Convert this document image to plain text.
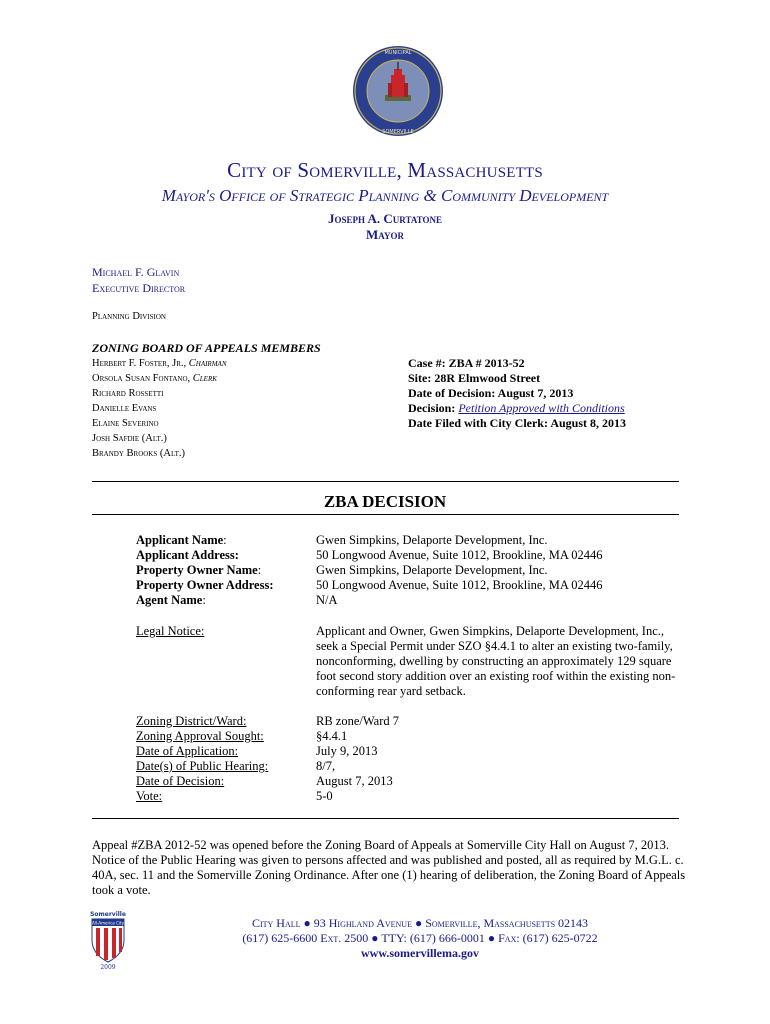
MUNICIPAL
SOMERVILLE
City of Somerville, Massachusetts
Mayor's Office of Strategic Planning & Community Development
Joseph A. Curtatone
Mayor
Michael F. Glavin
Executive Director
Planning Division
ZONING BOARD OF APPEALS MEMBERS
Herbert F. Foster, Jr., Chairman
Orsola Susan Fontano, Clerk
Richard Rossetti
Danielle Evans
Elaine Severino
Josh Safdie (Alt.)
Brandy Brooks (Alt.)
Case #: ZBA # 2013-52
Site: 28R Elmwood Street
Date of Decision: August 7, 2013
Decision: Petition Approved with Conditions
Date Filed with City Clerk: August 8, 2013
ZBA DECISION
Applicant Name:
Applicant Address:
Property Owner Name:
Property Owner Address:
Agent Name:
Gwen Simpkins, Delaporte Development, Inc.
50 Longwood Avenue, Suite 1012, Brookline, MA 02446
Gwen Simpkins, Delaporte Development, Inc.
50 Longwood Avenue, Suite 1012, Brookline, MA 02446
N/A
Legal Notice:	Applicant and Owner, Gwen Simpkins, Delaporte Development, Inc., seek a Special Permit under SZO §4.4.1 to alter an existing two-family, nonconforming, dwelling by constructing an approximately 129 square foot second story addition over an existing roof within the existing non-conforming rear yard setback.
Zoning District/Ward:
Zoning Approval Sought:
Date of Application:
Date(s) of Public Hearing:
Date of Decision:
Vote:
RB zone/Ward 7
§4.4.1
July 9, 2013
8/7,
August 7, 2013
5-0
Appeal #ZBA 2012-52 was opened before the Zoning Board of Appeals at Somerville City Hall on August 7, 2013. Notice of the Public Hearing was given to persons affected and was published and posted, all as required by M.G.L. c. 40A, sec. 11 and the Somerville Zoning Ordinance. After one (1) hearing of deliberation, the Zoning Board of Appeals took a vote.
Somerville
All-America City
2009
City Hall ● 93 Highland Avenue ● Somerville, Massachusetts 02143
(617) 625-6600 Ext. 2500 ● TTY: (617) 666-0001 ● Fax: (617) 625-0722
www.somervillema.gov
